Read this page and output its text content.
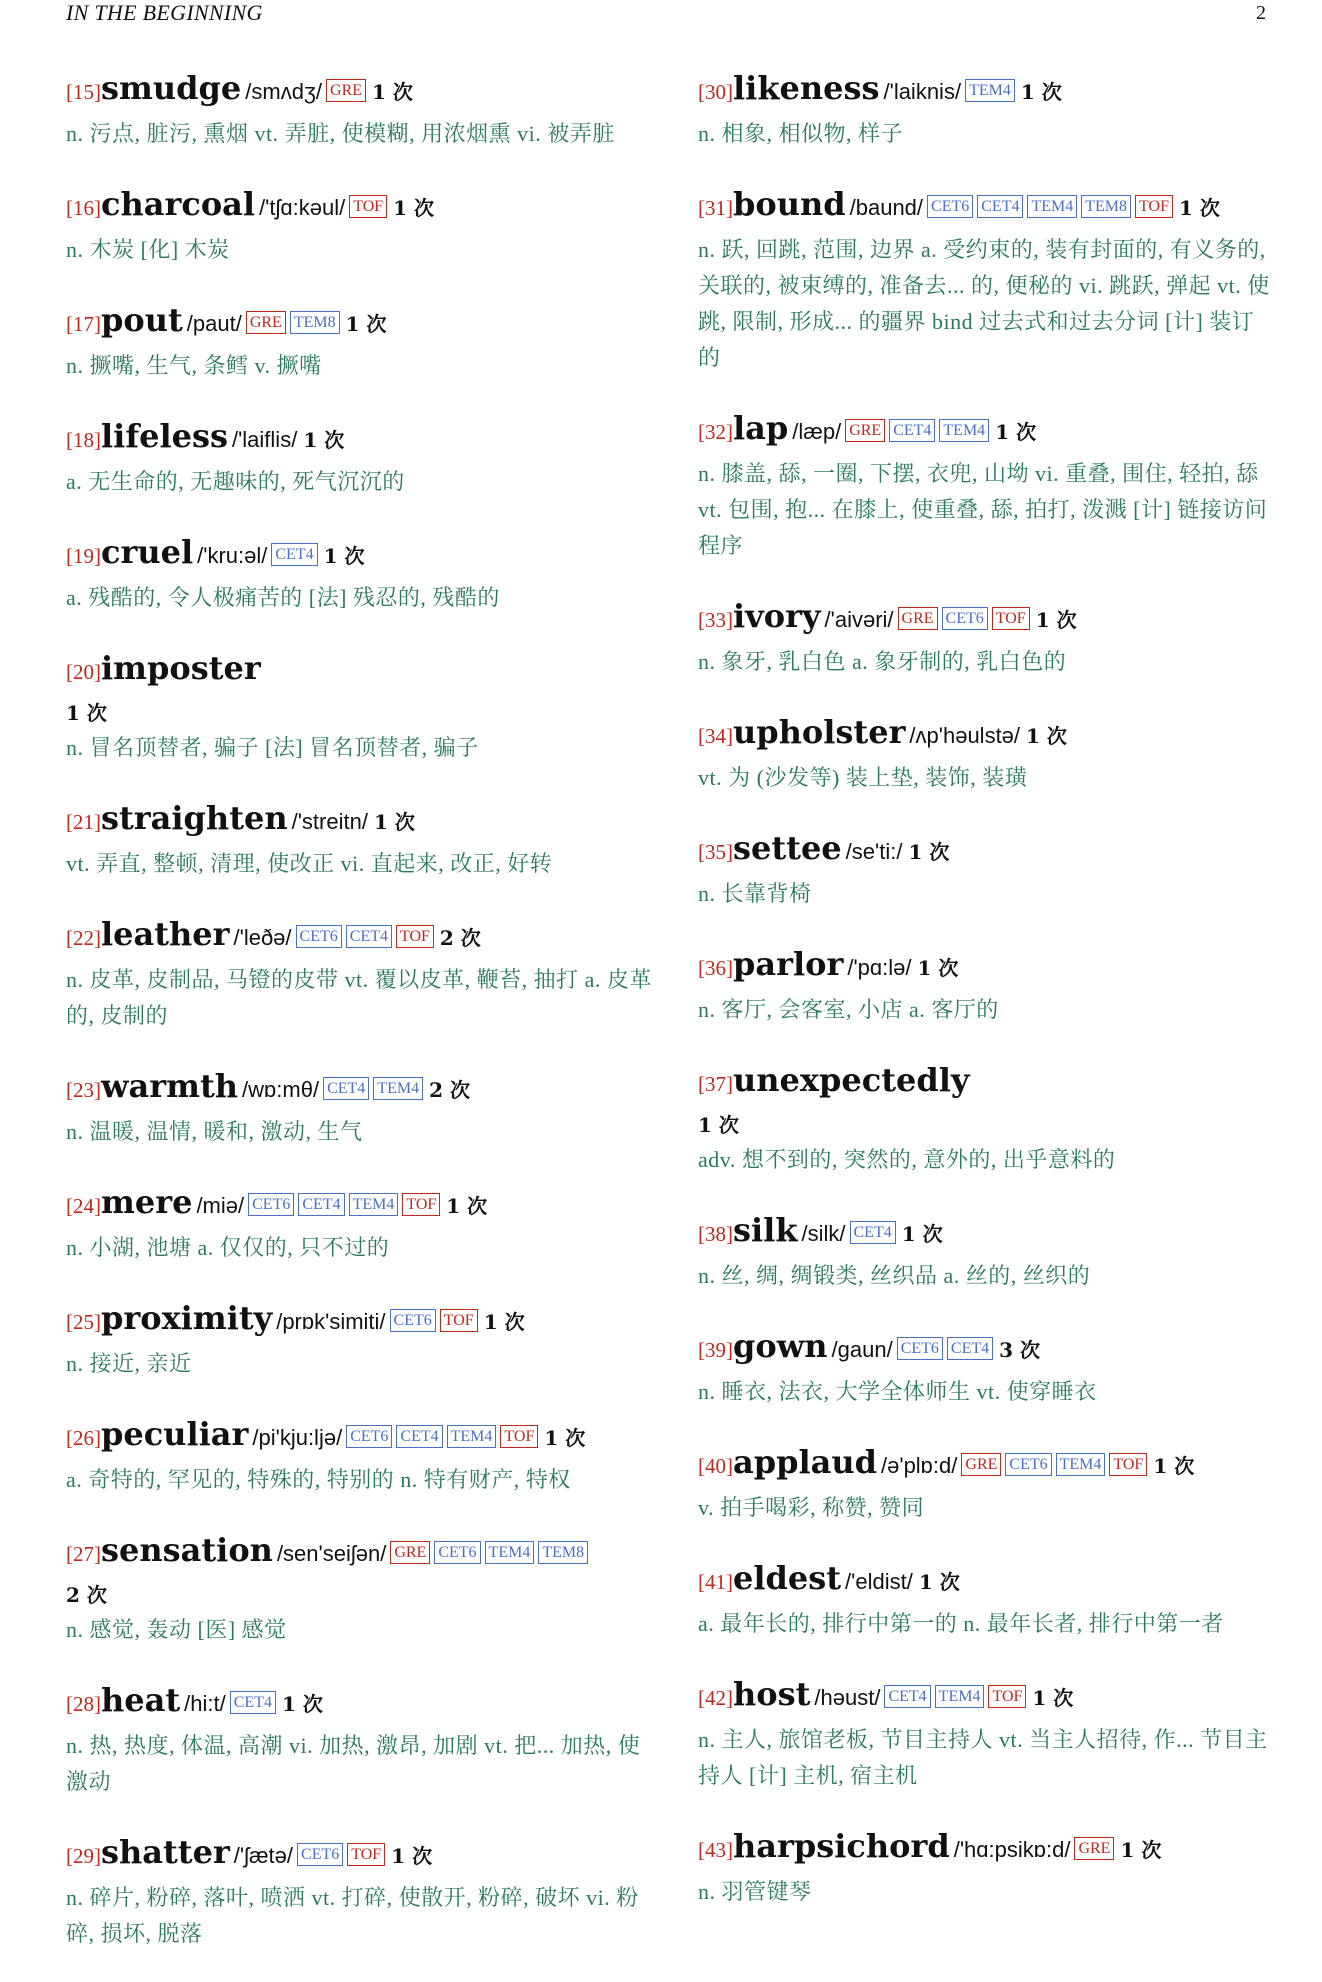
IN THE BEGINNING	2
[15]smudge /smʌdʒ/ GRE 1 次
n. 污点, 脏污, 熏烟 vt. 弄脏, 使模糊, 用浓烟熏 vi. 被弄脏
[16]charcoal /'tʃɑ:kəul/ TOF 1 次
n. 木炭 [化] 木炭
[17]pout /paut/ GRE TEM8 1 次
n. 撅嘴, 生气, 条鳕 v. 撅嘴
[18]lifeless /'laiflis/ 1 次
a. 无生命的, 无趣味的, 死气沉沉的
[19]cruel /'kru:əl/ CET4 1 次
a. 残酷的, 令人极痛苦的 [法] 残忍的, 残酷的
[20]imposter
1 次
n. 冒名顶替者, 骗子 [法] 冒名顶替者, 骗子
[21]straighten /'streitn/ 1 次
vt. 弄直, 整顿, 清理, 使改正 vi. 直起来, 改正, 好转
[22]leather /'leðə/ CET6 CET4 TOF 2 次
n. 皮革, 皮制品, 马镫的皮带 vt. 覆以皮革, 鞭苔, 抽打 a. 皮革的, 皮制的
[23]warmth /wɒ:mθ/ CET4 TEM4 2 次
n. 温暖, 温情, 暖和, 激动, 生气
[24]mere /miə/ CET6 CET4 TEM4 TOF 1 次
n. 小湖, 池塘 a. 仅仅的, 只不过的
[25]proximity /prɒk'simiti/ CET6 TOF 1 次
n. 接近, 亲近
[26]peculiar /pi'kju:ljə/ CET6 CET4 TEM4 TOF 1 次
a. 奇特的, 罕见的, 特殊的, 特别的 n. 特有财产, 特权
[27]sensation /sen'seiʃən/ GRE CET6 TEM4 TEM8
2 次
n. 感觉, 轰动 [医] 感觉
[28]heat /hi:t/ CET4 1 次
n. 热, 热度, 体温, 高潮 vi. 加热, 激昂, 加剧 vt. 把... 加热, 使激动
[29]shatter /'ʃætə/ CET6 TOF 1 次
n. 碎片, 粉碎, 落叶, 喷洒 vt. 打碎, 使散开, 粉碎, 破坏 vi. 粉碎, 损坏, 脱落
[30]likeness /'laiknis/ TEM4 1 次
n. 相象, 相似物, 样子
[31]bound /baund/ CET6 CET4 TEM4 TEM8 TOF 1 次
n. 跃, 回跳, 范围, 边界 a. 受约束的, 装有封面的, 有义务的, 关联的, 被束缚的, 准备去... 的, 便秘的 vi. 跳跃, 弹起 vt. 使跳, 限制, 形成... 的疆界 bind 过去式和过去分词 [计] 装订的
[32]lap /læp/ GRE CET4 TEM4 1 次
n. 膝盖, 舔, 一圈, 下摆, 衣兜, 山坳 vi. 重叠, 围住, 轻拍, 舔 vt. 包围, 抱... 在膝上, 使重叠, 舔, 拍打, 泼溅 [计] 链接访问程序
[33]ivory /'aivəri/ GRE CET6 TOF 1 次
n. 象牙, 乳白色 a. 象牙制的, 乳白色的
[34]upholster /ʌp'həulstə/ 1 次
vt. 为 (沙发等) 装上垫, 装饰, 装璜
[35]settee /se'ti:/ 1 次
n. 长靠背椅
[36]parlor /'pɑ:lə/ 1 次
n. 客厅, 会客室, 小店 a. 客厅的
[37]unexpectedly
1 次
adv. 想不到的, 突然的, 意外的, 出乎意料的
[38]silk /silk/ CET4 1 次
n. 丝, 绸, 绸锻类, 丝织品 a. 丝的, 丝织的
[39]gown /gaun/ CET6 CET4 3 次
n. 睡衣, 法衣, 大学全体师生 vt. 使穿睡衣
[40]applaud /ə'plɒ:d/ GRE CET6 TEM4 TOF 1 次
v. 拍手喝彩, 称赞, 赞同
[41]eldest /'eldist/ 1 次
a. 最年长的, 排行中第一的 n. 最年长者, 排行中第一者
[42]host /həust/ CET4 TEM4 TOF 1 次
n. 主人, 旅馆老板, 节目主持人 vt. 当主人招待, 作... 节目主持人 [计] 主机, 宿主机
[43]harpsichord /'hɑ:psikɒ:d/ GRE 1 次
n. 羽管键琴
